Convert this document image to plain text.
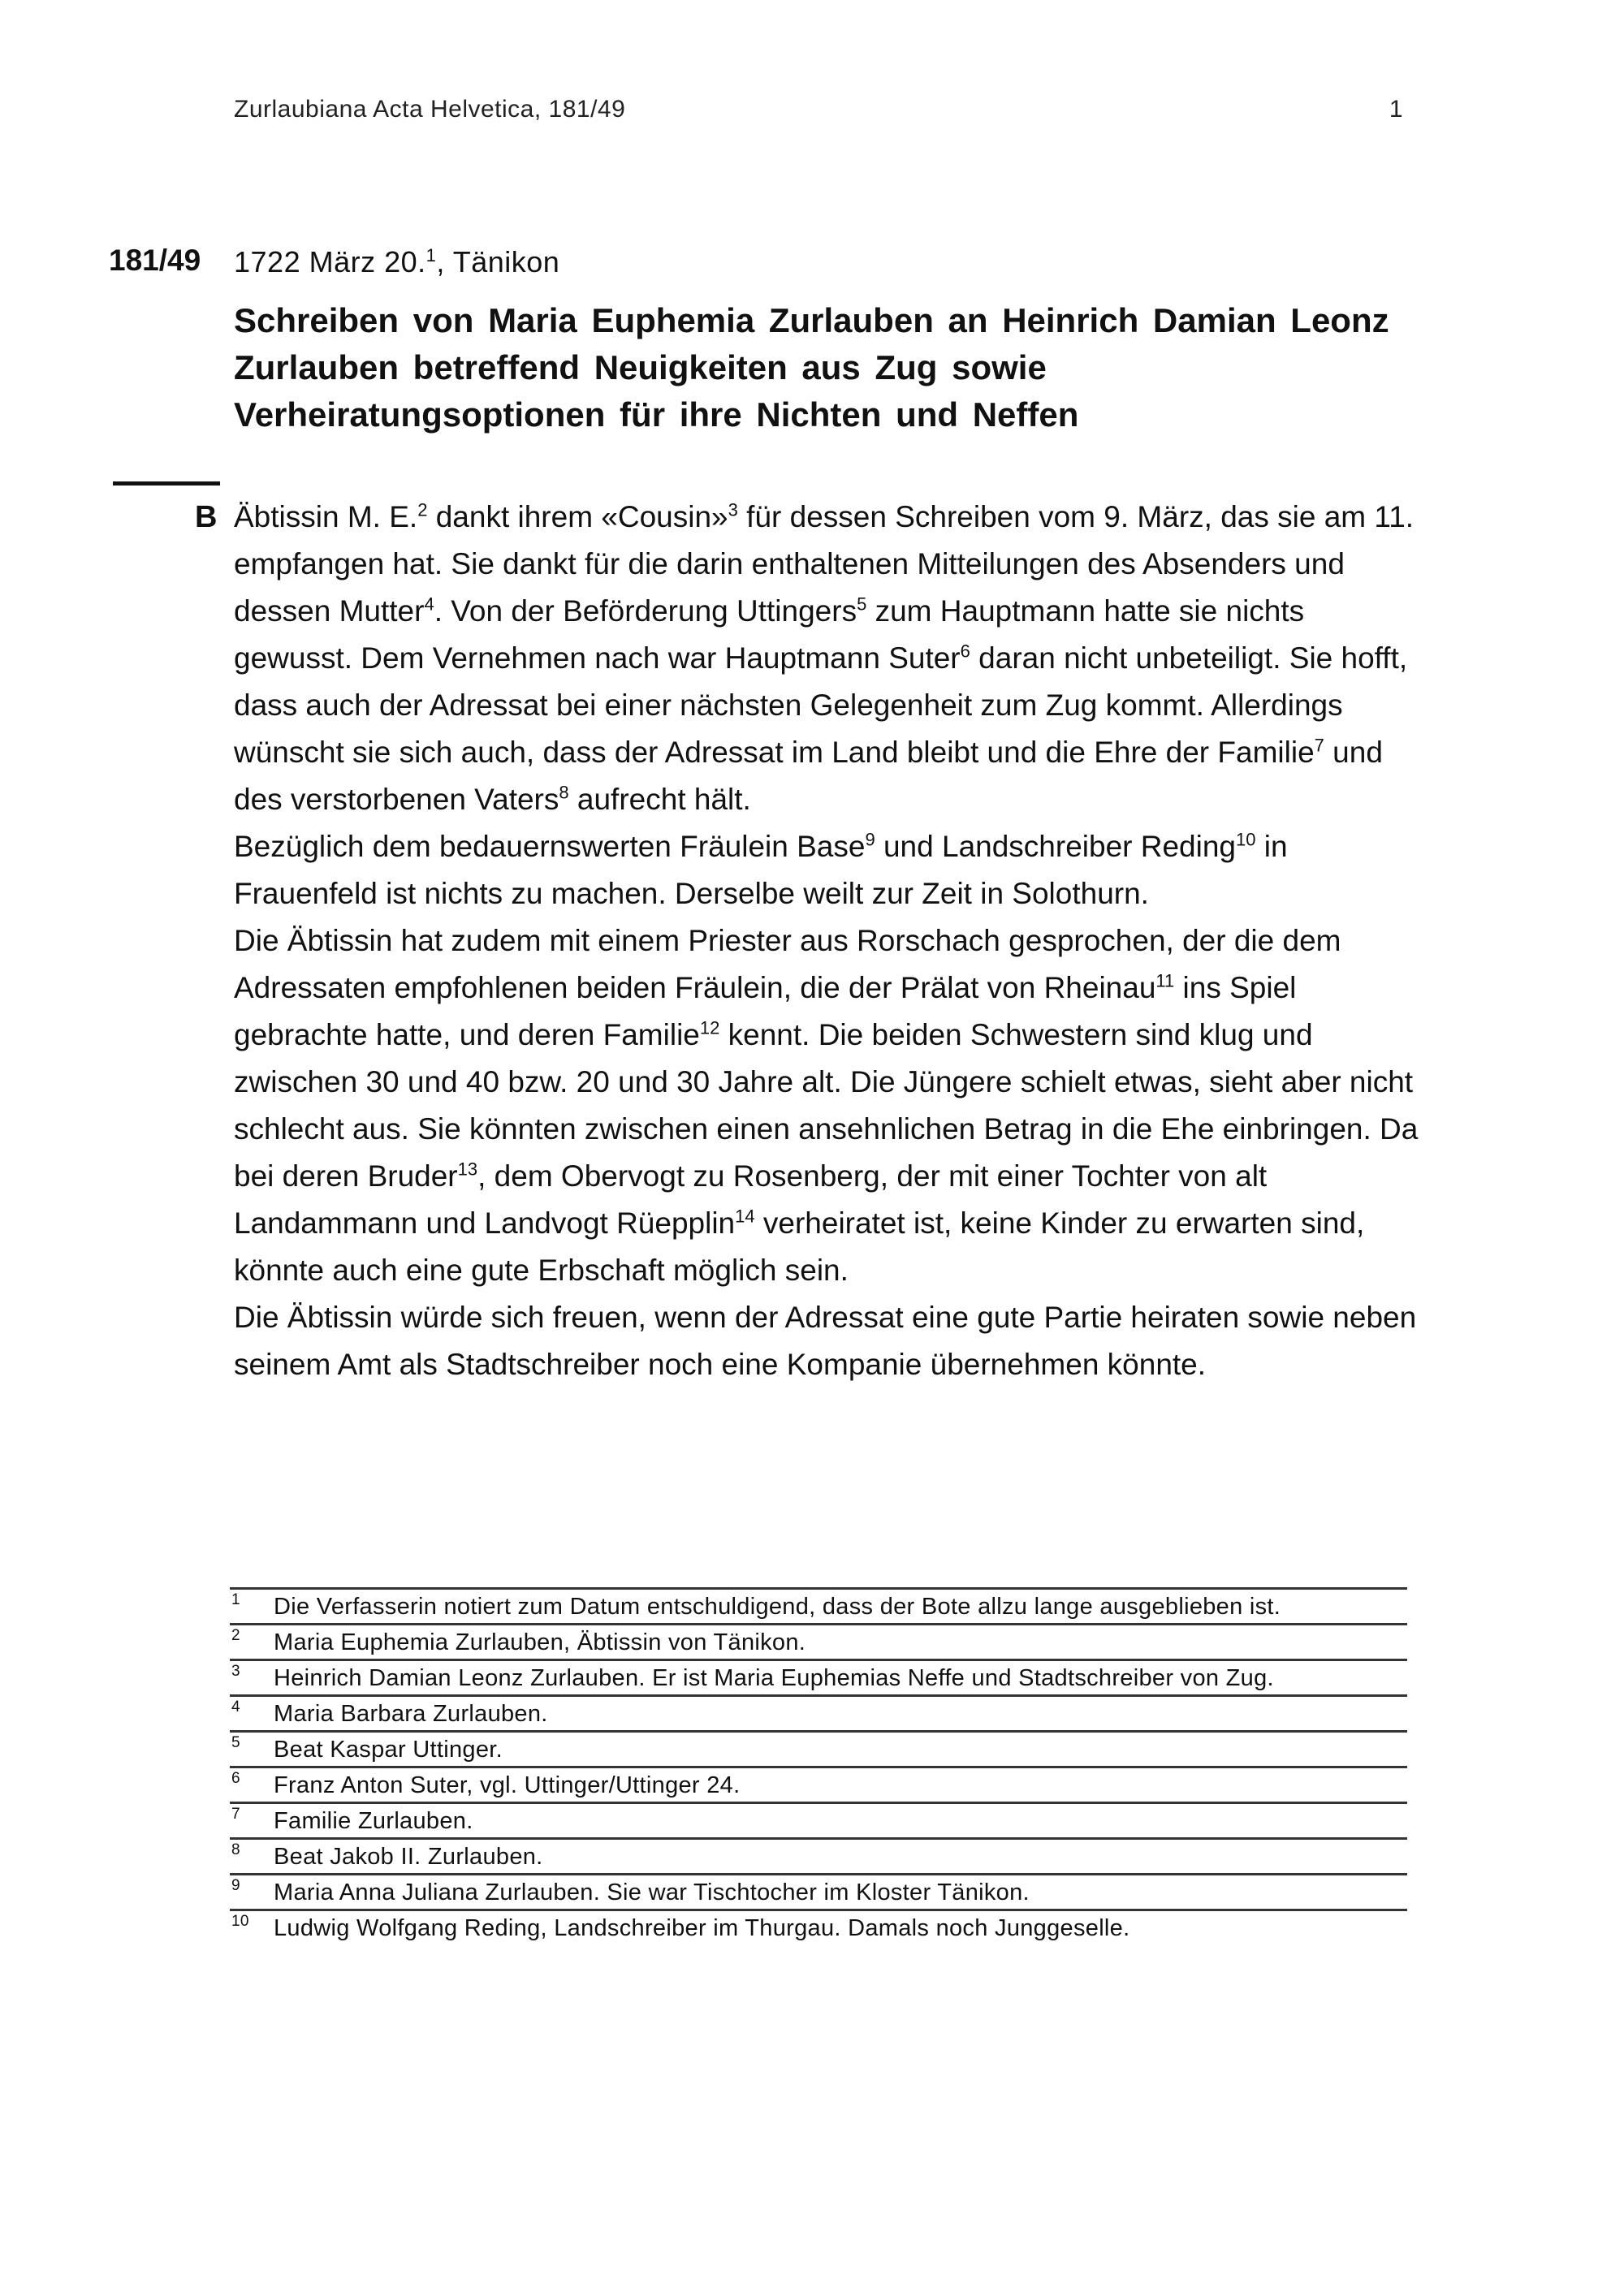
Zurlaubiana Acta Helvetica, 181/49	1
181/49 1722 März 20.$^1$, Tänikon
Schreiben von Maria Euphemia Zurlauben an Heinrich Damian Leonz Zurlauben betreffend Neuigkeiten aus Zug sowie Verheiratungsoptionen für ihre Nichten und Neffen
B Äbtissin M. E.$^2$ dankt ihrem «Cousin»$^3$ für dessen Schreiben vom 9. März, das sie am 11. empfangen hat. Sie dankt für die darin enthaltenen Mitteilungen des Absenders und dessen Mutter$^4$. Von der Beförderung Uttingers$^5$ zum Hauptmann hatte sie nichts gewusst. Dem Vernehmen nach war Hauptmann Suter$^6$ daran nicht unbeteiligt. Sie hofft, dass auch der Adressat bei einer nächsten Gelegenheit zum Zug kommt. Allerdings wünscht sie sich auch, dass der Adressat im Land bleibt und die Ehre der Familie$^7$ und des verstorbenen Vaters$^8$ aufrecht hält.

Bezüglich dem bedauernswerten Fräulein Base$^9$ und Landschreiber Reding$^{10}$ in Frauenfeld ist nichts zu machen. Derselbe weilt zur Zeit in Solothurn.

Die Äbtissin hat zudem mit einem Priester aus Rorschach gesprochen, der die dem Adressaten empfohlenen beiden Fräulein, die der Prälat von Rheinau$^{11}$ ins Spiel gebrachte hatte, und deren Familie$^{12}$ kennt. Die beiden Schwestern sind klug und zwischen 30 und 40 bzw. 20 und 30 Jahre alt. Die Jüngere schielt etwas, sieht aber nicht schlecht aus. Sie könnten zwischen einen ansehnlichen Betrag in die Ehe einbringen. Da bei deren Bruder$^{13}$, dem Obervogt zu Rosenberg, der mit einer Tochter von alt Landammann und Landvogt Rüepplin$^{14}$ verheiratet ist, keine Kinder zu erwarten sind, könnte auch eine gute Erbschaft möglich sein.

Die Äbtissin würde sich freuen, wenn der Adressat eine gute Partie heiraten sowie neben seinem Amt als Stadtschreiber noch eine Kompanie übernehmen könnte.

1	Die Verfasserin notiert zum Datum entschuldigend, dass der Bote allzu lange ausgeblieben ist.
2	Maria Euphemia Zurlauben, Äbtissin von Tänikon.
3	Heinrich Damian Leonz Zurlauben. Er ist Maria Euphemias Neffe und Stadtschreiber von Zug.
4	Maria Barbara Zurlauben.
5	Beat Kaspar Uttinger.
6	Franz Anton Suter, vgl. Uttinger/Uttinger 24.
7	Familie Zurlauben.
8	Beat Jakob II. Zurlauben.
9	Maria Anna Juliana Zurlauben. Sie war Tischtocher im Kloster Tänikon.
10	Ludwig Wolfgang Reding, Landschreiber im Thurgau. Damals noch Junggeselle.
